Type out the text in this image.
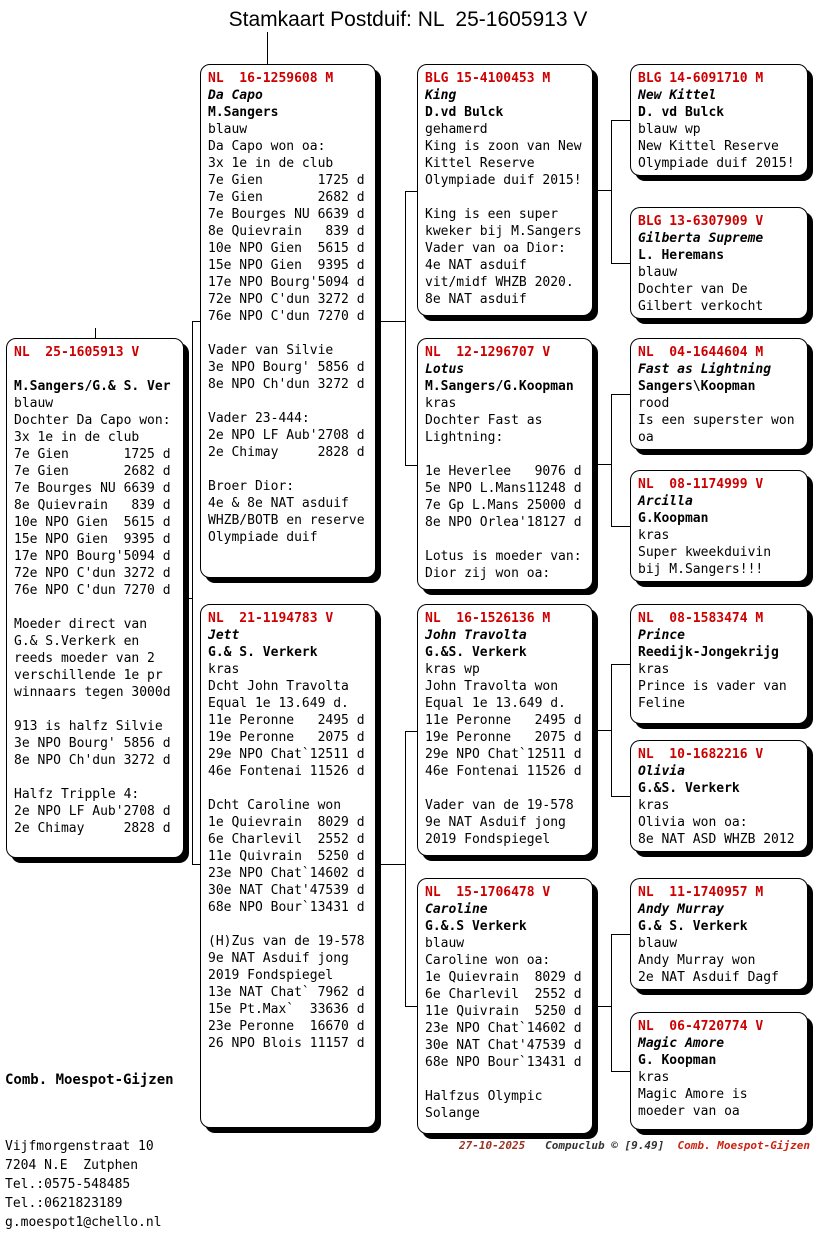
Stamkaart Postduif: NL  25-1605913 V
NL  25-1605913 V

M.Sangers/G.& S. Ver
blauw
Dochter Da Capo won:
3x 1e in de club
7e Gien       1725 d
7e Gien       2682 d
7e Bourges NU 6639 d
8e Quievrain   839 d
10e NPO Gien  5615 d
15e NPO Gien  9395 d
17e NPO Bourg'5094 d
72e NPO C'dun 3272 d
76e NPO C'dun 7270 d

Moeder direct van
G.& S.Verkerk en
reeds moeder van 2
verschillende 1e pr
winnaars tegen 3000d

913 is halfz Silvie
3e NPO Bourg' 5856 d
8e NPO Ch'dun 3272 d

Halfz Tripple 4:
2e NPO LF Aub'2708 d
2e Chimay     2828 d
NL  16-1259608 M
Da Capo
M.Sangers
blauw
Da Capo won oa:
3x 1e in de club
7e Gien       1725 d
7e Gien       2682 d
7e Bourges NU 6639 d
8e Quievrain   839 d
10e NPO Gien  5615 d
15e NPO Gien  9395 d
17e NPO Bourg'5094 d
72e NPO C'dun 3272 d
76e NPO C'dun 7270 d

Vader van Silvie
3e NPO Bourg' 5856 d
8e NPO Ch'dun 3272 d

Vader 23-444:
2e NPO LF Aub'2708 d
2e Chimay     2828 d

Broer Dior:
4e & 8e NAT asduif
WHZB/BOTB en reserve
Olympiade duif
NL  21-1194783 V
Jett
G.& S. Verkerk
kras
Dcht John Travolta
Equal 1e 13.649 d.
11e Peronne   2495 d
19e Peronne   2075 d
29e NPO Chat`12511 d
46e Fontenai 11526 d

Dcht Caroline won
1e Quievrain  8029 d
6e Charlevil  2552 d
11e Quivrain  5250 d
23e NPO Chat`14602 d
30e NAT Chat'47539 d
68e NPO Bour`13431 d

(H)Zus van de 19-578
9e NAT Asduif jong
2019 Fondspiegel
13e NAT Chat` 7962 d
15e Pt.Max`  33636 d
23e Peronne  16670 d
26 NPO Blois 11157 d
BLG 15-4100453 M
King
D.vd Bulck
gehamerd
King is zoon van New
Kittel Reserve
Olympiade duif 2015!

King is een super
kweker bij M.Sangers
Vader van oa Dior:
4e NAT asduif
vit/midf WHZB 2020.
8e NAT asduif
NL  12-1296707 V
Lotus
M.Sangers/G.Koopman
kras
Dochter Fast as
Lightning:

1e Heverlee   9076 d
5e NPO L.Mans11248 d
7e Gp L.Mans 25000 d
8e NPO Orlea'18127 d

Lotus is moeder van:
Dior zij won oa:
NL  16-1526136 M
John Travolta
G.&S. Verkerk
kras wp
John Travolta won
Equal 1e 13.649 d.
11e Peronne   2495 d
19e Peronne   2075 d
29e NPO Chat`12511 d
46e Fontenai 11526 d

Vader van de 19-578
9e NAT Asduif jong
2019 Fondspiegel
NL  15-1706478 V
Caroline
G.&.S Verkerk
blauw
Caroline won oa:
1e Quievrain  8029 d
6e Charlevil  2552 d
11e Quivrain  5250 d
23e NPO Chat`14602 d
30e NAT Chat'47539 d
68e NPO Bour`13431 d

Halfzus Olympic
Solange
BLG 14-6091710 M
New Kittel
D. vd Bulck
blauw wp
New Kittel Reserve
Olympiade duif 2015!
BLG 13-6307909 V
Gilberta Supreme
L. Heremans
blauw
Dochter van De
Gilbert verkocht
NL  04-1644604 M
Fast as Lightning
Sangers\Koopman
rood
Is een superster won
oa
NL  08-1174999 V
Arcilla
G.Koopman
kras
Super kweekduivin
bij M.Sangers!!!
NL  08-1583474 M
Prince
Reedijk-Jongekrijg
kras
Prince is vader van
Feline
NL  10-1682216 V
Olivia
G.&S. Verkerk
kras
Olivia won oa:
8e NAT ASD WHZB 2012
NL  11-1740957 M
Andy Murray
G.& S. Verkerk
blauw
Andy Murray won
2e NAT Asduif Dagf
NL  06-4720774 V
Magic Amore
G. Koopman
kras
Magic Amore is
moeder van oa

Comb. Moespot-Gijzen

Vijfmorgenstraat 10
7204 N.E  Zutphen
Tel.:0575-548485
Tel.:0621823189
g.moespot1@chello.nl

27-10-2025 Compuclub © [9.49] Comb. Moespot-Gijzen
